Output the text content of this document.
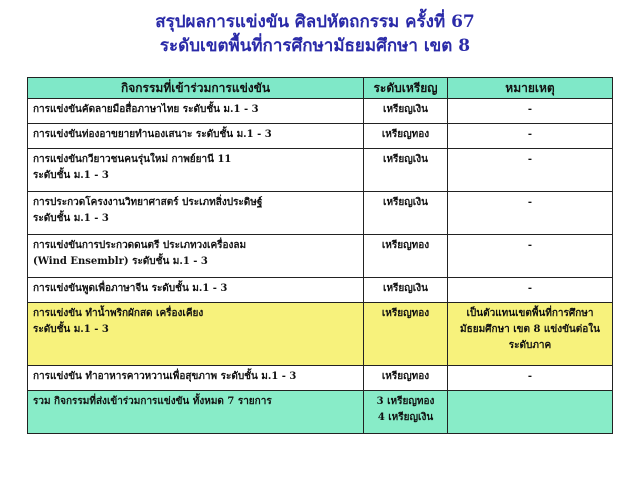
สรุปผลการแข่งขัน ศิลปหัตถกรรม ครั้งที่ 67
ระดับเขตพื้นที่การศึกษามัธยมศึกษา เขต 8
กิจกรรมที่เข้าร่วมการแข่งขัน	ระดับเหรียญ	หมายเหตุ

การแข่งขันคัดลายมือสื่อภาษาไทย ระดับชั้น ม.1 - 3	เหรียญเงิน	-

การแข่งขันท่องอาขยายทำนองเสนาะ ระดับชั้น ม.1 - 3	เหรียญทอง	-

การแข่งขันกวียาวชนคนรุ่นใหม่ กาพย์ยานี 11
ระดับชั้น ม.1 - 3	เหรียญเงิน	-

การประกวดโครงงานวิทยาศาสตร์ ประเภทสิ่งประดิษฐ์
ระดับชั้น ม.1 - 3	เหรียญเงิน	-

การแข่งขันการประกวดดนตรี ประเภทวงเครื่องลม
(Wind Ensemblr) ระดับชั้น ม.1 - 3	เหรียญทอง	-

การแข่งขันพูดเพื่อภาษาจีน ระดับชั้น ม.1 - 3	เหรียญเงิน	-

การแข่งขัน ทำน้ำพริกผักสด เครื่องเคียง
ระดับชั้น ม.1 - 3	เหรียญทอง	เป็นตัวแทนเขตพื้นที่การศึกษามัธยมศึกษา เขต 8 แข่งขันต่อในระดับภาค

การแข่งขัน ทำอาหารคาวหวานเพื่อสุขภาพ ระดับชั้น ม.1 - 3	เหรียญทอง	-
รวม กิจกรรมที่ส่งเข้าร่วมการแข่งขัน ทั้งหมด 7 รายการ	3 เหรียญทอง
4 เหรียญเงิน	
